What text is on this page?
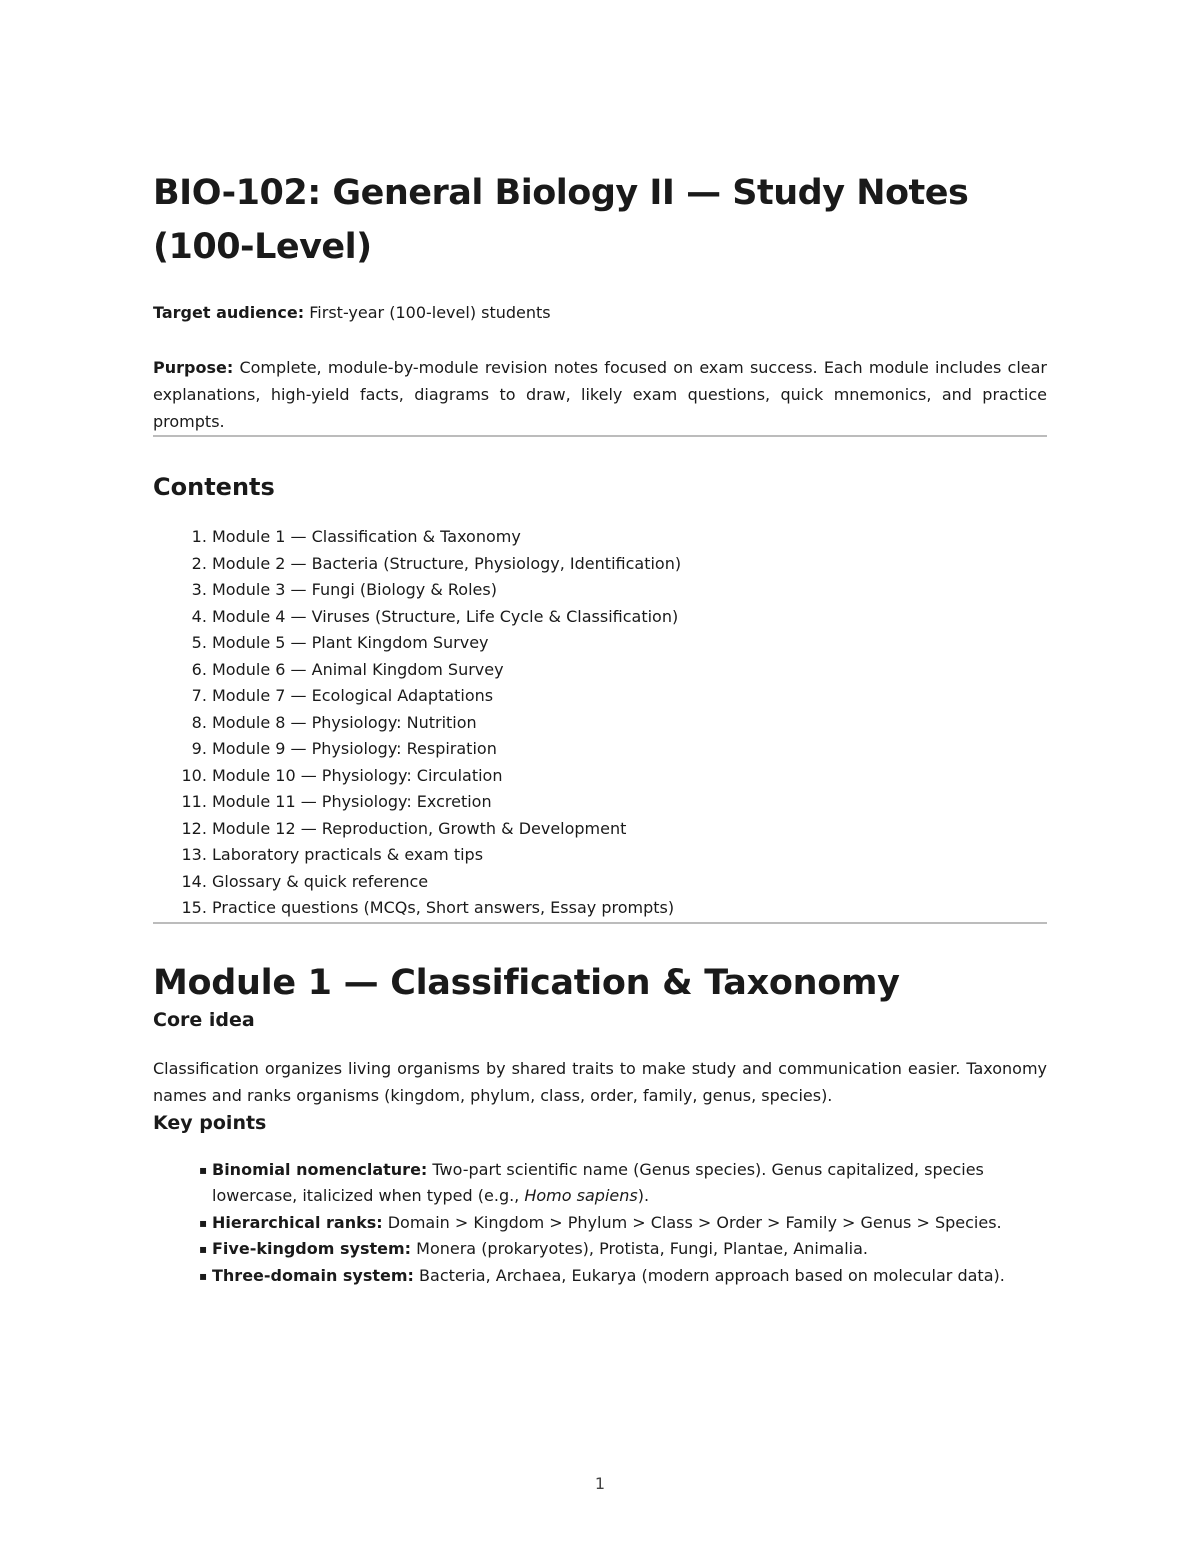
BIO-102: General Biology II — Study Notes (100-Level)

Target audience: First-year (100-level) students

Purpose: Complete, module-by-module revision notes focused on exam success. Each module includes clear explanations, high-yield facts, diagrams to draw, likely exam questions, quick mnemonics, and practice prompts.

Contents
1. Module 1 — Classification & Taxonomy
2. Module 2 — Bacteria (Structure, Physiology, Identification)
3. Module 3 — Fungi (Biology & Roles)
4. Module 4 — Viruses (Structure, Life Cycle & Classification)
5. Module 5 — Plant Kingdom Survey
6. Module 6 — Animal Kingdom Survey
7. Module 7 — Ecological Adaptations
8. Module 8 — Physiology: Nutrition
9. Module 9 — Physiology: Respiration
10. Module 10 — Physiology: Circulation
11. Module 11 — Physiology: Excretion
12. Module 12 — Reproduction, Growth & Development
13. Laboratory practicals & exam tips
14. Glossary & quick reference
15. Practice questions (MCQs, Short answers, Essay prompts)
Module 1 — Classification & Taxonomy
Core idea

Classification organizes living organisms by shared traits to make study and communication easier. Taxonomy names and ranks organisms (kingdom, phylum, class, order, family, genus, species).

Key points
▪ Binomial nomenclature: Two-part scientific name (Genus species). Genus capitalized, species lowercase, italicized when typed (e.g., Homo sapiens).
▪ Hierarchical ranks: Domain > Kingdom > Phylum > Class > Order > Family > Genus > Species.
▪ Five-kingdom system: Monera (prokaryotes), Protista, Fungi, Plantae, Animalia.
▪ Three-domain system: Bacteria, Archaea, Eukarya (modern approach based on molecular data).
1
